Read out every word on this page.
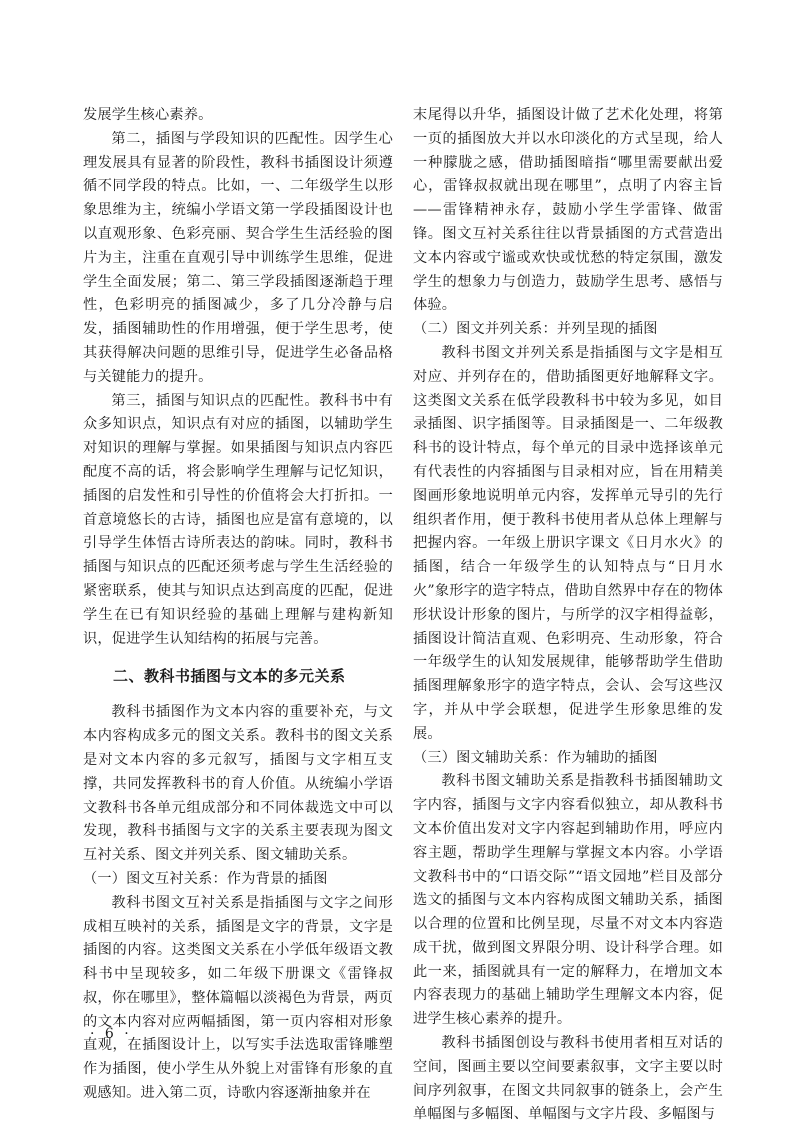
发展学生核心素养。

第二，插图与学段知识的匹配性。因学生心理发展具有显著的阶段性，教科书插图设计须遵循不同学段的特点。比如，一、二年级学生以形象思维为主，统编小学语文第一学段插图设计也以直观形象、色彩亮丽、契合学生生活经验的图片为主，注重在直观引导中训练学生思维，促进学生全面发展；第二、第三学段插图逐渐趋于理性，色彩明亮的插图减少，多了几分冷静与启发，插图辅助性的作用增强，便于学生思考，使其获得解决问题的思维引导，促进学生必备品格与关键能力的提升。

第三，插图与知识点的匹配性。教科书中有众多知识点，知识点有对应的插图，以辅助学生对知识的理解与掌握。如果插图与知识点内容匹配度不高的话，将会影响学生理解与记忆知识，插图的启发性和引导性的价值将会大打折扣。一首意境悠长的古诗，插图也应是富有意境的，以引导学生体悟古诗所表达的韵味。同时，教科书插图与知识点的匹配还须考虑与学生生活经验的紧密联系，使其与知识点达到高度的匹配，促进学生在已有知识经验的基础上理解与建构新知识，促进学生认知结构的拓展与完善。

二、教科书插图与文本的多元关系

教科书插图作为文本内容的重要补充，与文本内容构成多元的图文关系。教科书的图文关系是对文本内容的多元叙写，插图与文字相互支撑，共同发挥教科书的育人价值。从统编小学语文教科书各单元组成部分和不同体裁选文中可以发现，教科书插图与文字的关系主要表现为图文互衬关系、图文并列关系、图文辅助关系。

（一）图文互衬关系：作为背景的插图

教科书图文互衬关系是指插图与文字之间形成相互映衬的关系，插图是文字的背景，文字是插图的内容。这类图文关系在小学低年级语文教科书中呈现较多，如二年级下册课文《雷锋叔叔，你在哪里》，整体篇幅以淡褐色为背景，两页的文本内容对应两幅插图，第一页内容相对形象直观，在插图设计上，以写实手法选取雷锋雕塑作为插图，使小学生从外貌上对雷锋有形象的直观感知。进入第二页，诗歌内容逐渐抽象并在

末尾得以升华，插图设计做了艺术化处理，将第一页的插图放大并以水印淡化的方式呈现，给人一种朦胧之感，借助插图暗指“哪里需要献出爱心，雷锋叔叔就出现在哪里”，点明了内容主旨——雷锋精神永存，鼓励小学生学雷锋、做雷锋。图文互衬关系往往以背景插图的方式营造出文本内容或宁谧或欢快或忧愁的特定氛围，激发学生的想象力与创造力，鼓励学生思考、感悟与体验。

（二）图文并列关系：并列呈现的插图

教科书图文并列关系是指插图与文字是相互对应、并列存在的，借助插图更好地解释文字。这类图文关系在低学段教科书中较为多见，如目录插图、识字插图等。目录插图是一、二年级教科书的设计特点，每个单元的目录中选择该单元有代表性的内容插图与目录相对应，旨在用精美图画形象地说明单元内容，发挥单元导引的先行组织者作用，便于教科书使用者从总体上理解与把握内容。一年级上册识字课文《日月水火》的插图，结合一年级学生的认知特点与“日月水火”象形字的造字特点，借助自然界中存在的物体形状设计形象的图片，与所学的汉字相得益彰，插图设计简洁直观、色彩明亮、生动形象，符合一年级学生的认知发展规律，能够帮助学生借助插图理解象形字的造字特点，会认、会写这些汉字，并从中学会联想，促进学生形象思维的发展。

（三）图文辅助关系：作为辅助的插图

教科书图文辅助关系是指教科书插图辅助文字内容，插图与文字内容看似独立，却从教科书文本价值出发对文字内容起到辅助作用，呼应内容主题，帮助学生理解与掌握文本内容。小学语文教科书中的“口语交际”“语文园地”栏目及部分选文的插图与文本内容构成图文辅助关系，插图以合理的位置和比例呈现，尽量不对文本内容造成干扰，做到图文界限分明、设计科学合理。如此一来，插图就具有一定的解释力，在增加文本内容表现力的基础上辅助学生理解文本内容，促进学生核心素养的提升。

教科书插图创设与教科书使用者相互对话的空间，图画主要以空间要素叙事，文字主要以时间序列叙事，在图文共同叙事的链条上，会产生单幅图与多幅图、单幅图与文字片段、多幅图与

· 6 ·
